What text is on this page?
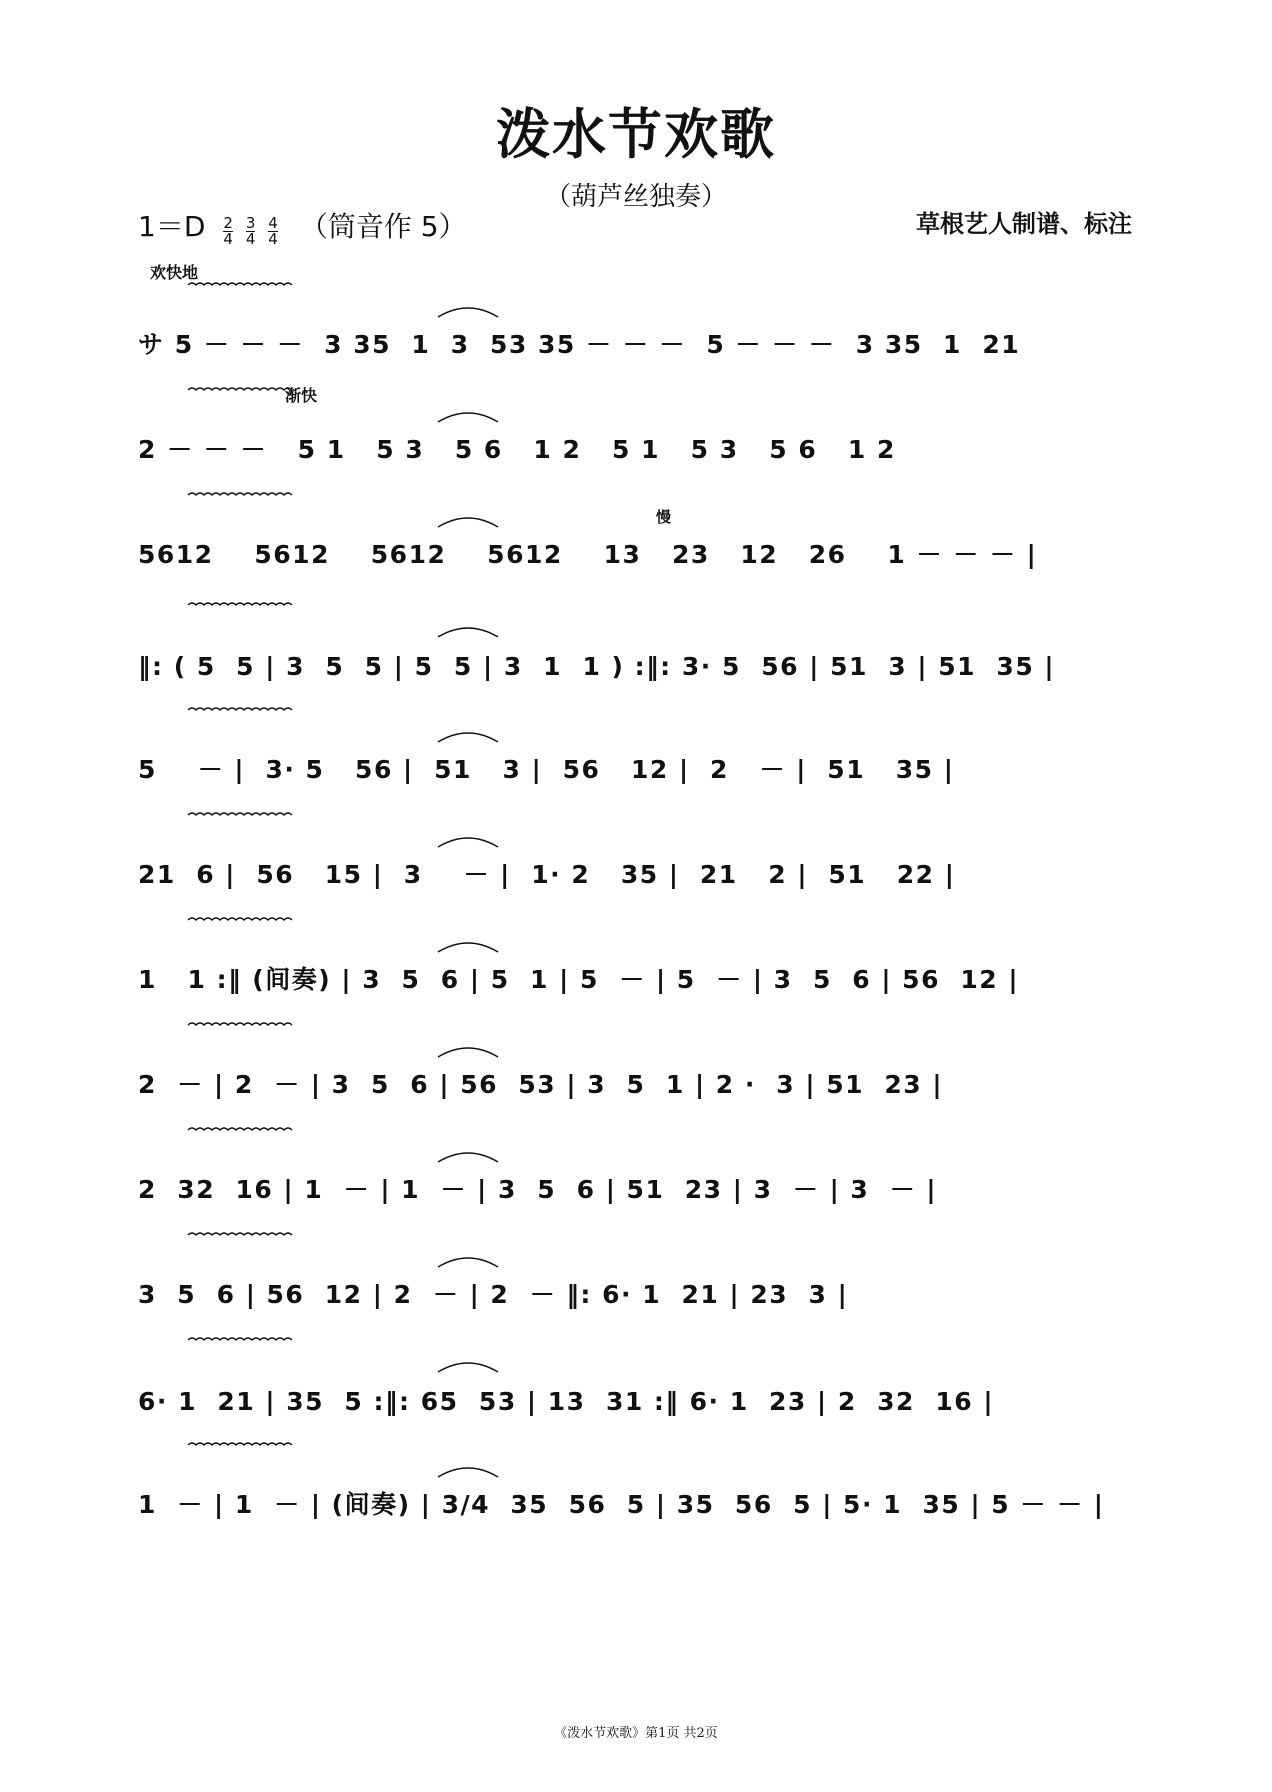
泼水节欢歌
（葫芦丝独奏）
$1=D \frac{2}{4}$
$\frac{3}{4}$
$\frac{4}{4}$ （筒音作 5）	草根艺人制谱、标注
欢快地
渐快
慢
サ 5 － － －  3 35  1  3  53 35 － － －  5 － － －  3 35  1  21
2 － － －   5 1   5 3   5 6   1 2   5 1   5 3   5 6   1 2
5612    5612    5612    5612    13   23   12   26    1 － － － |
‖: ( 5  5 | 3  5  5 | 5  5 | 3  1  1 ) :‖: 3· 5  56 | 51  3 | 51  35 |
5    － |  3· 5   56 |  51   3 |  56   12 |  2   － |  51   35 |
21  6 |  56   15 |  3    － |  1· 2   35 |  21   2 |  51   22 |
1   1 :‖ (间奏) | 3  5  6 | 5  1 | 5  － | 5  － | 3  5  6 | 56  12 |
2  － | 2  － | 3  5  6 | 56  53 | 3  5  1 | 2 ·  3 | 51  23 |
2  32  16 | 1  － | 1  － | 3  5  6 | 51  23 | 3  － | 3  － |
3  5  6 | 56  12 | 2  － | 2  － ‖: 6· 1  21 | 23  3 |
6· 1  21 | 35  5 :‖: 65  53 | 13  31 :‖ 6· 1  23 | 2  32  16 |
1  － | 1  － | (间奏) | 3/4  35  56  5 | 35  56  5 | 5· 1  35 | 5 － － |
《泼水节欢歌》第1页 共2页
